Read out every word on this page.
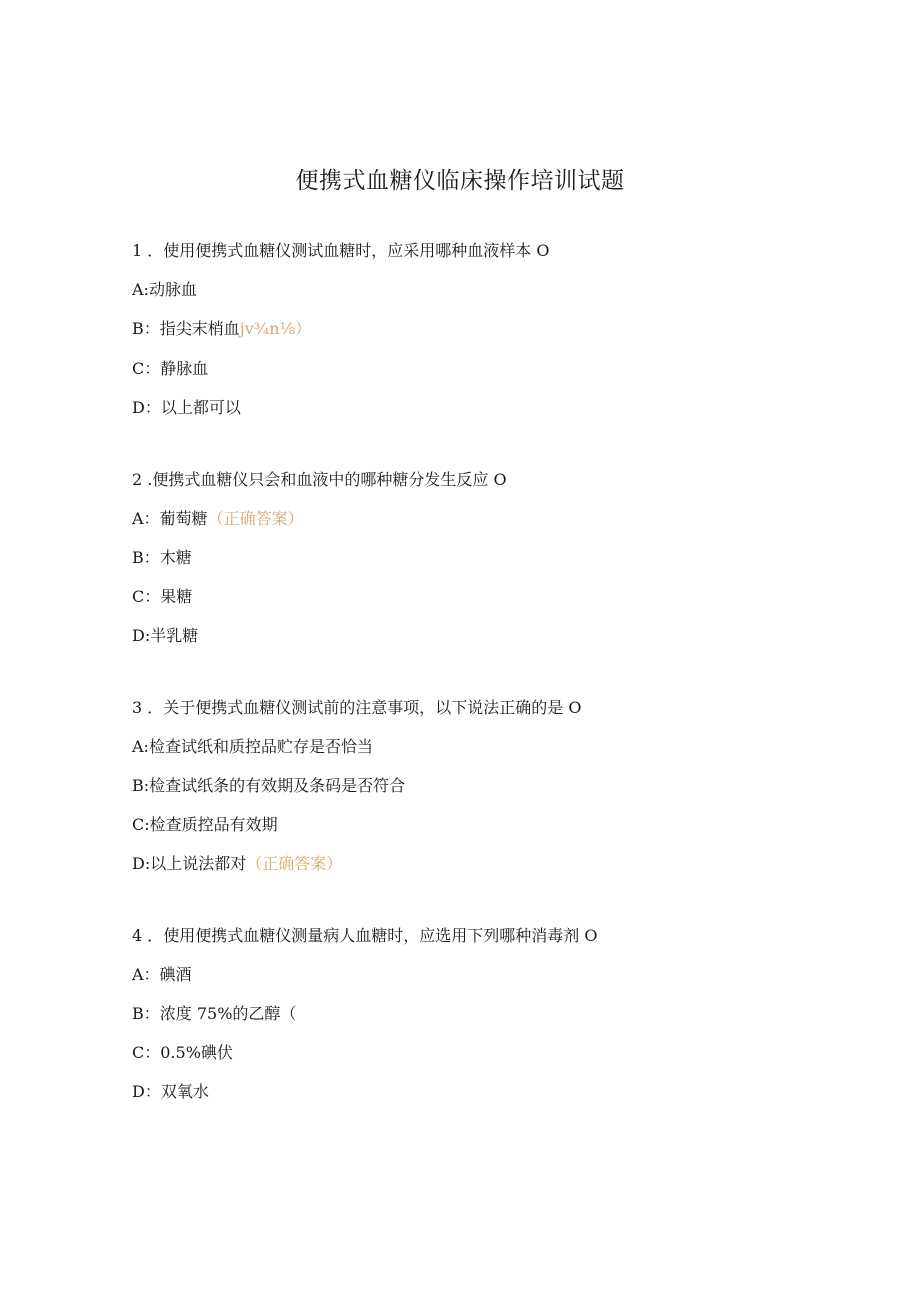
便携式血糖仪临床操作培训试题
1 ．使用便携式血糖仪测试血糖时，应采用哪种血液样本 O
A:动脉血
B：指尖末梢血jv¾n⅛）
C：静脉血
D：以上都可以
2 .便携式血糖仪只会和血液中的哪种糖分发生反应 O
A：葡萄糖（正确答案）
B：木糖
C：果糖
D:半乳糖
3 ．关于便携式血糖仪测试前的注意事项，以下说法正确的是 O
A:检查试纸和质控品贮存是否恰当
B:检查试纸条的有效期及条码是否符合
C:检查质控品有效期
D:以上说法都对（正确答案）
4 ．使用便携式血糖仪测量病人血糖时，应选用下列哪种消毒剂 O
A：碘酒
B：浓度 75%的乙醇（
C：0.5%碘伏
D：双氧水
